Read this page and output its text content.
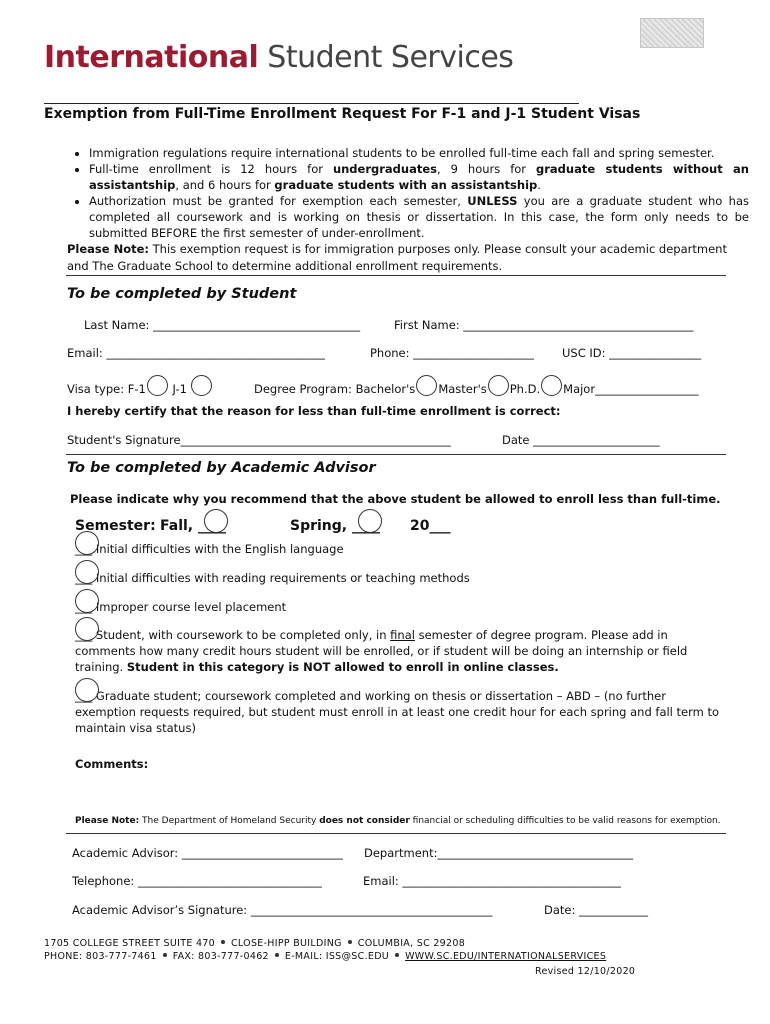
International Student Services
Exemption from Full-Time Enrollment Request For F-1 and J-1 Student Visas
• Immigration regulations require international students to be enrolled full-time each fall and spring semester.
• Full-time enrollment is 12 hours for undergraduates, 9 hours for graduate students without an assistantship, and 6 hours for graduate students with an assistantship.
• Authorization must be granted for exemption each semester, UNLESS you are a graduate student who has completed all coursework and is working on thesis or dissertation. In this case, the form only needs to be submitted BEFORE the first semester of under-enrollment.
Please Note: This exemption request is for immigration purposes only. Please consult your academic department and The Graduate School to determine additional enrollment requirements.
To be completed by Student
Last Name: ____________________________________	First Name: ________________________________________
Email: ______________________________________	Phone: _____________________ USC ID: ________________
Visa type: F-1 J-1	Degree Program: Bachelor's Master's Ph.D. Major__________________
I hereby certify that the reason for less than full-time enrollment is correct:
Student's Signature_______________________________________________	Date ______________________
To be completed by Academic Advisor
Please indicate why you recommend that the above student be allowed to enroll less than full-time.
Semester: Fall,
____	Spring,
____ 20___
___ Initial difficulties with the English language
___ Initial difficulties with reading requirements or teaching methods
___ Improper course level placement
___ Student, with coursework to be completed only, in final semester of degree program. Please add in comments how many credit hours student will be enrolled, or if student will be doing an internship or field training. Student in this category is NOT allowed to enroll in online classes.
___ Graduate student; coursework completed and working on thesis or dissertation – ABD – (no further exemption requests required, but student must enroll in at least one credit hour for each spring and fall term to maintain visa status)
Comments:
Please Note: The Department of Homeland Security does not consider financial or scheduling difficulties to be valid reasons for exemption.
Academic Advisor: ____________________________ Department:__________________________________
Telephone: ________________________________	Email: ______________________________________
Academic Advisor’s Signature: __________________________________________	Date: ____________
1705 COLLEGE STREET SUITE 470 CLOSE-HIPP BUILDING COLUMBIA, SC 29208
PHONE: 803-777-7461 FAX: 803-777-0462 E-MAIL: ISS@SC.EDU WWW.SC.EDU/INTERNATIONALSERVICES
Revised 12/10/2020
